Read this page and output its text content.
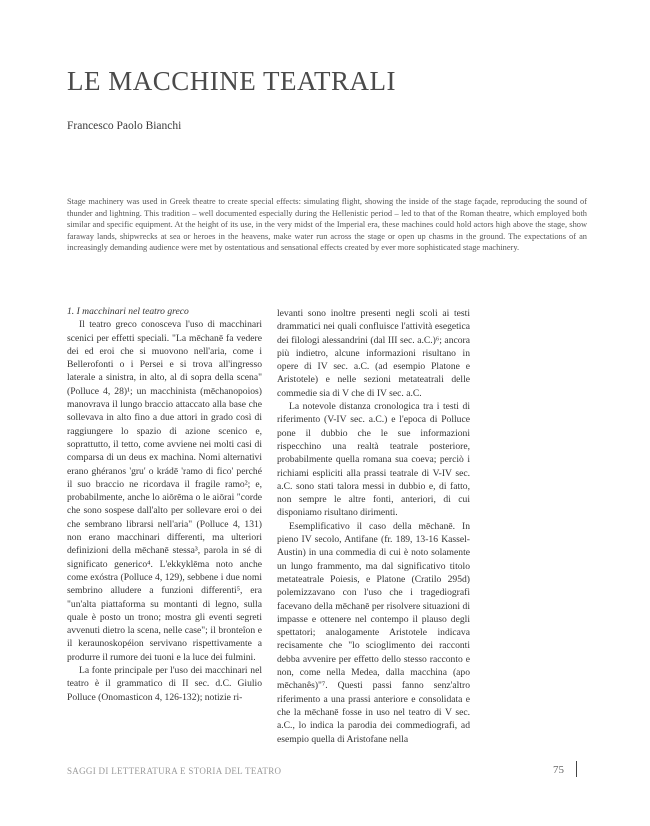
LE MACCHINE TEATRALI
Francesco Paolo Bianchi

Stage machinery was used in Greek theatre to create special effects: simulating flight, showing the inside of the stage façade, reproducing the sound of thunder and lightning. This tradition – well documented especially during the Hellenistic period – led to that of the Roman theatre, which employed both similar and specific equipment. At the height of its use, in the very midst of the Imperial era, these machines could hold actors high above the stage, show faraway lands, shipwrecks at sea or heroes in the heavens, make water run across the stage or open up chasms in the ground. The expectations of an increasingly demanding audience were met by ostentatious and sensational effects created by ever more sophisticated stage machinery.

1. I macchinari nel teatro greco

Il teatro greco conosceva l'uso di macchinari scenici per effetti speciali. "La mēchanē fa vedere dei ed eroi che si muovono nell'aria, come i Bellerofonti o i Persei e si trova all'ingresso laterale a sinistra, in alto, al di sopra della scena" (Polluce 4, 28)¹; un macchinista (mēchanopoios) manovrava il lungo braccio attaccato alla base che sollevava in alto fino a due attori in grado così di raggiungere lo spazio di azione scenico e, soprattutto, il tetto, come avviene nei molti casi di comparsa di un deus ex machina. Nomi alternativi erano ghéranos 'gru' o krádē 'ramo di fico' perché il suo braccio ne ricordava il fragile ramo²; e, probabilmente, anche lo aiōrēma o le aiōrai "corde che sono sospese dall'alto per sollevare eroi o dei che sembrano librarsi nell'aria" (Polluce 4, 131) non erano macchinari differenti, ma ulteriori definizioni della mēchanē stessa³, parola in sé di significato generico⁴. L'ekkyklēma noto anche come exóstra (Polluce 4, 129), sebbene i due nomi sembrino alludere a funzioni differenti⁵, era "un'alta piattaforma su montanti di legno, sulla quale è posto un trono; mostra gli eventi segreti avvenuti dietro la scena, nelle case"; il bronteîon e il keraunoskopéion servivano rispettivamente a produrre il rumore dei tuoni e la luce dei fulmini.

La fonte principale per l'uso dei macchinari nel teatro è il grammatico di II sec. d.C. Giulio Polluce (Onomasticon 4, 126-132); notizie ri-

levanti sono inoltre presenti negli scoli ai testi drammatici nei quali confluisce l'attività esegetica dei filologi alessandrini (dal III sec. a.C.)⁶; ancora più indietro, alcune informazioni risultano in opere di IV sec. a.C. (ad esempio Platone e Aristotele) e nelle sezioni metateatrali delle commedie sia di V che di IV sec. a.C.

La notevole distanza cronologica tra i testi di riferimento (V-IV sec. a.C.) e l'epoca di Polluce pone il dubbio che le sue informazioni rispecchino una realtà teatrale posteriore, probabilmente quella romana sua coeva; perciò i richiami espliciti alla prassi teatrale di V-IV sec. a.C. sono stati talora messi in dubbio e, di fatto, non sempre le altre fonti, anteriori, di cui disponiamo risultano dirimenti.

Esemplificativo il caso della mēchanē. In pieno IV secolo, Antifane (fr. 189, 13-16 Kassel-Austin) in una commedia di cui è noto solamente un lungo frammento, ma dal significativo titolo metateatrale Poiesis, e Platone (Cratilo 295d) polemizzavano con l'uso che i tragediografi facevano della mēchanē per risolvere situazioni di impasse e ottenere nel contempo il plauso degli spettatori; analogamente Aristotele indicava recisamente che "lo scioglimento dei racconti debba avvenire per effetto dello stesso racconto e non, come nella Medea, dalla macchina (apo mēchanês)"⁷. Questi passi fanno senz'altro riferimento a una prassi anteriore e consolidata e che la mēchanē fosse in uso nel teatro di V sec. a.C., lo indica la parodia dei commediografi, ad esempio quella di Aristofane nella

SAGGI DI LETTERATURA E STORIA DEL TEATRO	75
